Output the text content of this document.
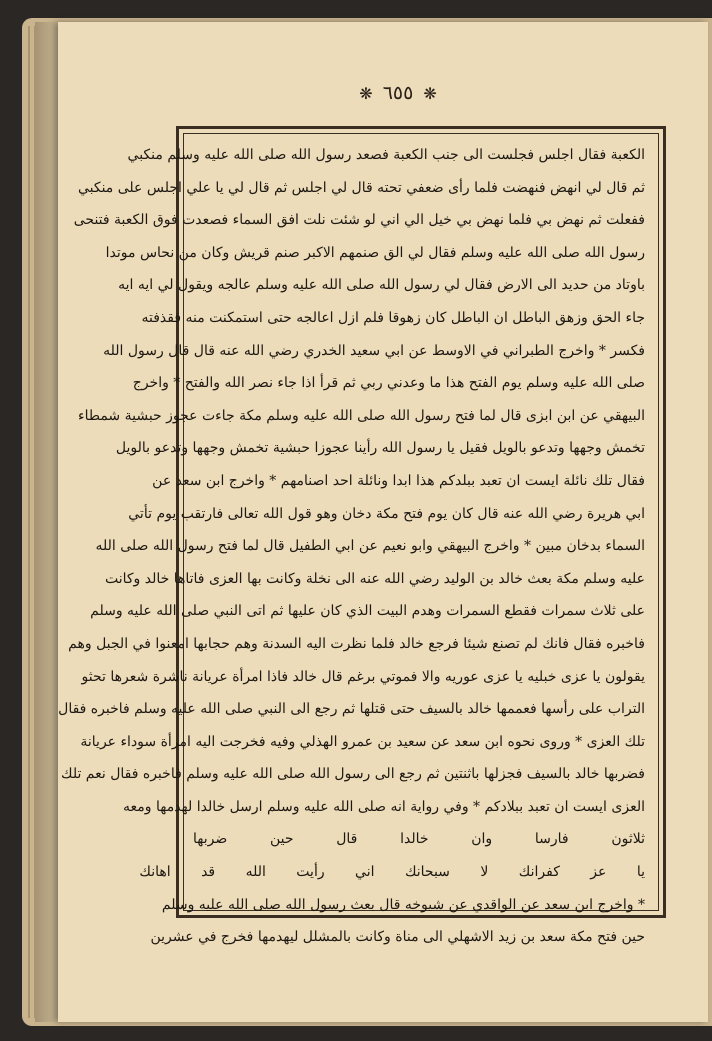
❋ ٦٥٥ ❋
الكعبة فقال اجلس فجلست الى جنب الكعبة فصعد رسول الله صلى الله عليه وسلم منكبي
ثم قال لي انهض فنهضت فلما رأى ضعفي تحته قال لي اجلس ثم قال لي يا علي اجلس على منكبي
ففعلت ثم نهض بي فلما نهض بي خيل الي اني لو شئت نلت افق السماء فصعدت فوق الكعبة فتنحى
رسول الله صلى الله عليه وسلم فقال لي الق صنمهم الاكبر صنم قريش وكان من نحاس موتدا
باوتاد من حديد الى الارض فقال لي رسول الله صلى الله عليه وسلم عالجه ويقول لي ايه ايه
جاء الحق وزهق الباطل ان الباطل كان زهوقا فلم ازل اعالجه حتى استمكنت منه فقذفته
فكسر * واخرج الطبراني في الاوسط عن ابي سعيد الخدري رضي الله عنه قال قال رسول الله
صلى الله عليه وسلم يوم الفتح هذا ما وعدني ربي ثم قرأ اذا جاء نصر الله والفتح * واخرج
البيهقي عن ابن ابزى قال لما فتح رسول الله صلى الله عليه وسلم مكة جاءت عجوز حبشية شمطاء
تخمش وجهها وتدعو بالويل فقيل يا رسول الله رأينا عجوزا حبشية تخمش وجهها وتدعو بالويل
فقال تلك نائلة ايست ان تعبد ببلدكم هذا ابدا ونائلة احد اصنامهم * واخرج ابن سعد عن
ابي هريرة رضي الله عنه قال كان يوم فتح مكة دخان وهو قول الله تعالى فارتقب يوم تأتي
السماء بدخان مبين * واخرج البيهقي وابو نعيم عن ابي الطفيل قال لما فتح رسول الله صلى الله
عليه وسلم مكة بعث خالد بن الوليد رضي الله عنه الى نخلة وكانت بها العزى فاتاها خالد وكانت
على ثلاث سمرات فقطع السمرات وهدم البيت الذي كان عليها ثم اتى النبي صلى الله عليه وسلم
فاخبره فقال فانك لم تصنع شيئا فرجع خالد فلما نظرت اليه السدنة وهم حجابها امعنوا في الجبل وهم
يقولون يا عزى خبليه يا عزى عوريه والا فموتي برغم قال خالد فاذا امرأة عريانة ناشرة شعرها تحثو
التراب على رأسها فعممها خالد بالسيف حتى قتلها ثم رجع الى النبي صلى الله عليه وسلم فاخبره فقال
تلك العزى * وروى نحوه ابن سعد عن سعيد بن عمرو الهذلي وفيه فخرجت اليه امرأة سوداء عريانة
فضربها خالد بالسيف فجزلها باثنتين ثم رجع الى رسول الله صلى الله عليه وسلم فاخبره فقال نعم تلك
العزى ايست ان تعبد ببلادكم * وفي رواية انه صلى الله عليه وسلم ارسل خالدا لهدمها ومعه
ثلاثون فارسا وان خالدا قال حين ضربها
يا عز كفرانك لا سبحانك اني رأيت الله قد اهانك
* واخرج ابن سعد عن الواقدي عن شيوخه قال بعث رسول الله صلى الله عليه وسلم
حين فتح مكة سعد بن زيد الاشهلي الى مناة وكانت بالمشلل ليهدمها فخرج في عشرين
